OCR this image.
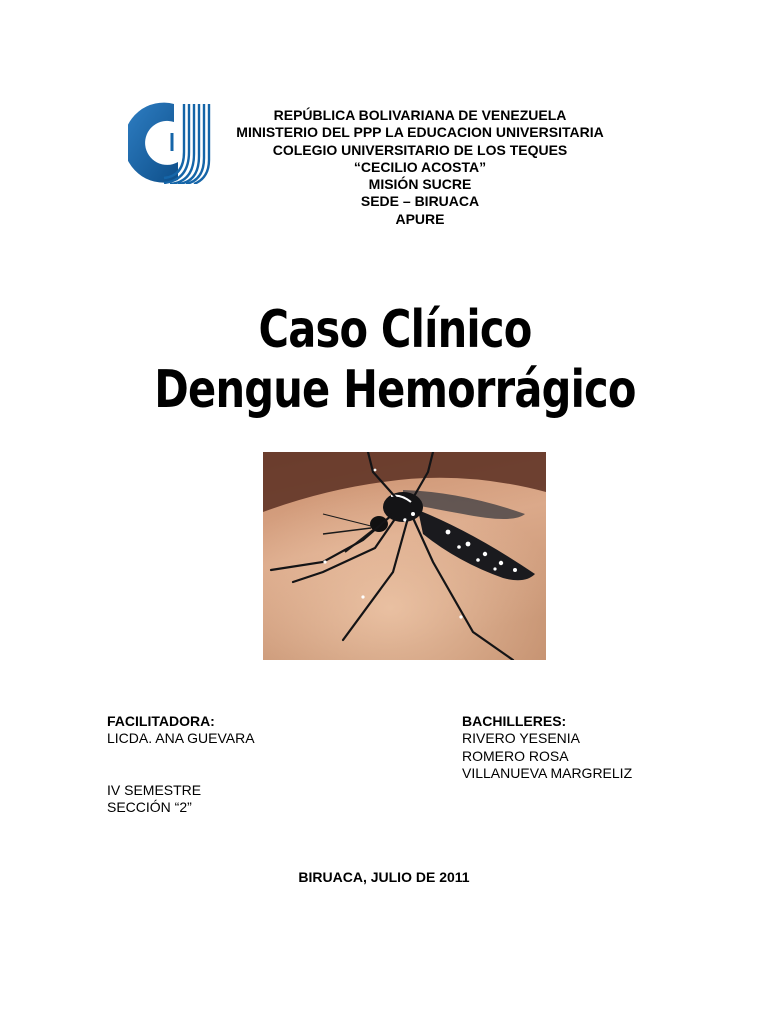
REPÚBLICA BOLIVARIANA DE VENEZUELA
MINISTERIO DEL PPP LA EDUCACION UNIVERSITARIA
COLEGIO UNIVERSITARIO DE LOS TEQUES
“CECILIO ACOSTA”
MISIÓN SUCRE
SEDE – BIRUACA
APURE
Caso Clínico
Dengue Hemorrágico
FACILITADORA:
LICDA. ANA GUEVARA
IV SEMESTRE
SECCIÓN “2”
BACHILLERES:
RIVERO YESENIA
ROMERO ROSA
VILLANUEVA MARGRELIZ
BIRUACA, JULIO DE 2011
